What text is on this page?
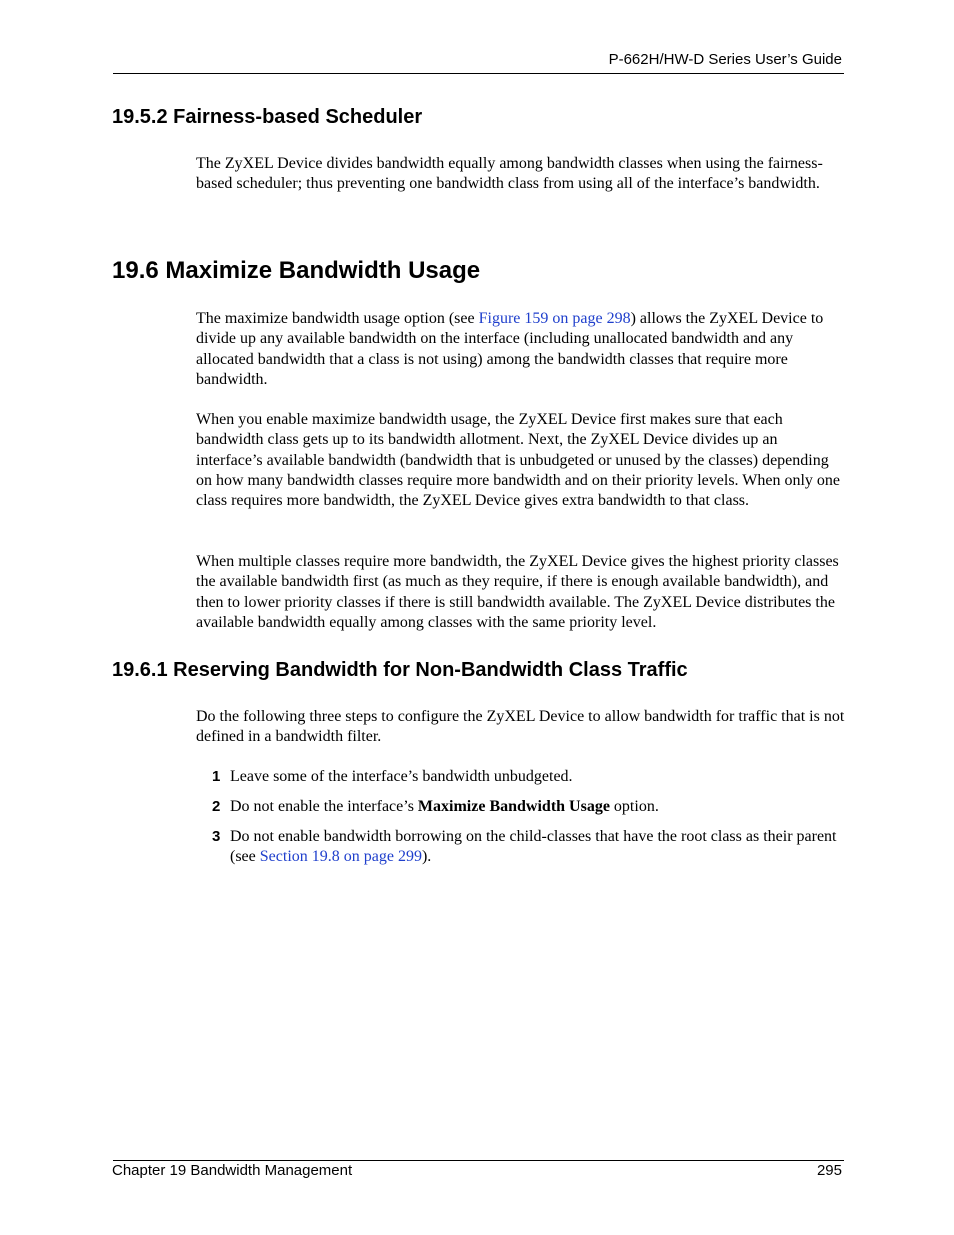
P-662H/HW-D Series User’s Guide
19.5.2 Fairness-based Scheduler

The ZyXEL Device divides bandwidth equally among bandwidth classes when using the fairness-based scheduler; thus preventing one bandwidth class from using all of the interface’s bandwidth.

19.6 Maximize Bandwidth Usage

The maximize bandwidth usage option (see Figure 159 on page 298) allows the ZyXEL Device to divide up any available bandwidth on the interface (including unallocated bandwidth and any allocated bandwidth that a class is not using) among the bandwidth classes that require more bandwidth.

When you enable maximize bandwidth usage, the ZyXEL Device first makes sure that each bandwidth class gets up to its bandwidth allotment. Next, the ZyXEL Device divides up an interface’s available bandwidth (bandwidth that is unbudgeted or unused by the classes) depending on how many bandwidth classes require more bandwidth and on their priority levels. When only one class requires more bandwidth, the ZyXEL Device gives extra bandwidth to that class.

When multiple classes require more bandwidth, the ZyXEL Device gives the highest priority classes the available bandwidth first (as much as they require, if there is enough available bandwidth), and then to lower priority classes if there is still bandwidth available. The ZyXEL Device distributes the available bandwidth equally among classes with the same priority level.

19.6.1 Reserving Bandwidth for Non-Bandwidth Class Traffic

Do the following three steps to configure the ZyXEL Device to allow bandwidth for traffic that is not defined in a bandwidth filter.

1 Leave some of the interface’s bandwidth unbudgeted.
2 Do not enable the interface’s Maximize Bandwidth Usage option.
3 Do not enable bandwidth borrowing on the child-classes that have the root class as their parent (see Section 19.8 on page 299).
Chapter 19 Bandwidth Management	295
